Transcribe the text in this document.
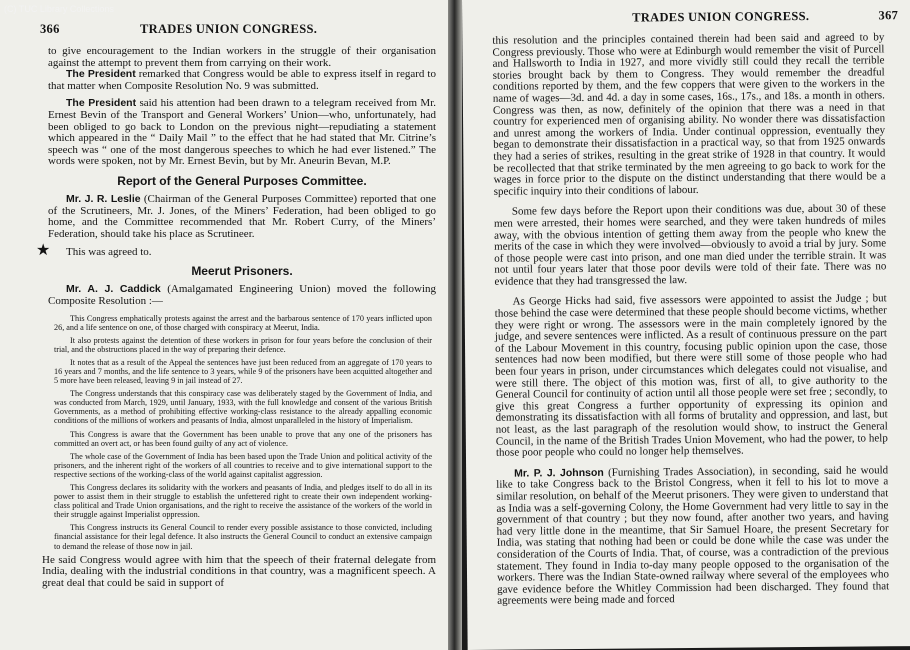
(C) TUC Library Collections
366	TRADES UNION CONGRESS.

to give encouragement to the Indian workers in the struggle of their organisation against the attempt to prevent them from carrying on their work.

The President remarked that Congress would be able to express itself in regard to that matter when Composite Resolution No. 9 was submitted.

The President said his attention had been drawn to a telegram received from Mr. Ernest Bevin of the Transport and General Workers’ Union—who, unfortunately, had been obliged to go back to London on the previous night—repudiating a statement which appeared in the “ Daily Mail ” to the effect that he had stated that Mr. Citrine’s speech was “ one of the most dangerous speeches to which he had ever listened.” The words were spoken, not by Mr. Ernest Bevin, but by Mr. Aneurin Bevan, M.P.

Report of the General Purposes Committee.

Mr. J. R. Leslie (Chairman of the General Purposes Committee) reported that one of the Scrutineers, Mr. J. Jones, of the Miners’ Federation, had been obliged to go home, and the Committee recommended that Mr. Robert Curry, of the Miners’ Federation, should take his place as Scrutineer.

★ This was agreed to.
Meerut Prisoners.

Mr. A. J. Caddick (Amalgamated Engineering Union) moved the following Composite Resolution :—

This Congress emphatically protests against the arrest and the barbarous sentence of 170 years inflicted upon 26, and a life sentence on one, of those charged with conspiracy at Meerut, India.

It also protests against the detention of these workers in prison for four years before the conclusion of their trial, and the obstructions placed in the way of preparing their defence.

It notes that as a result of the Appeal the sentences have just been reduced from an aggregate of 170 years to 16 years and 7 months, and the life sentence to 3 years, while 9 of the prisoners have been acquitted altogether and 5 more have been released, leaving 9 in jail instead of 27.

The Congress understands that this conspiracy case was deliberately staged by the Government of India, and was conducted from March, 1929, until January, 1933, with the full knowledge and consent of the various British Governments, as a method of prohibiting effective working-class resistance to the already appalling economic conditions of the millions of workers and peasants of India, almost unparalleled in the history of Imperialism.

This Congress is aware that the Government has been unable to prove that any one of the prisoners has committed an overt act, or has been found guilty of any act of violence.

The whole case of the Government of India has been based upon the Trade Union and political activity of the prisoners, and the inherent right of the workers of all countries to receive and to give international support to the respective sections of the working-class of the world against capitalist aggression.

This Congress declares its solidarity with the workers and peasants of India, and pledges itself to do all in its power to assist them in their struggle to establish the unfettered right to create their own independent working-class political and Trade Union organisations, and the right to receive the assistance of the workers of the world in their struggle against Imperialist oppression.

This Congress instructs its General Council to render every possible assistance to those convicted, including financial assistance for their legal defence. It also instructs the General Council to conduct an extensive campaign to demand the release of those now in jail.

He said Congress would agree with him that the speech of their fraternal delegate from India, dealing with the industrial conditions in that country, was a magnificent speech. A great deal that could be said in support of

TRADES UNION CONGRESS.	367

this resolution and the principles contained therein had been said and agreed to by Congress previously. Those who were at Edinburgh would remember the visit of Purcell and Hallsworth to India in 1927, and more vividly still could they recall the terrible stories brought back by them to Congress. They would remember the dreadful conditions reported by them, and the few coppers that were given to the workers in the name of wages—3d. and 4d. a day in some cases, 16s., 17s., and 18s. a month in others. Congress was then, as now, definitely of the opinion that there was a need in that country for experienced men of organising ability. No wonder there was dissatisfaction and unrest among the workers of India. Under continual oppression, eventually they began to demonstrate their dissatisfaction in a practical way, so that from 1925 onwards they had a series of strikes, resulting in the great strike of 1928 in that country. It would be recollected that that strike terminated by the men agreeing to go back to work for the wages in force prior to the dispute on the distinct understanding that there would be a specific inquiry into their conditions of labour.

Some few days before the Report upon their conditions was due, about 30 of these men were arrested, their homes were searched, and they were taken hundreds of miles away, with the obvious intention of getting them away from the people who knew the merits of the case in which they were involved—obviously to avoid a trial by jury. Some of those people were cast into prison, and one man died under the terrible strain. It was not until four years later that those poor devils were told of their fate. There was no evidence that they had transgressed the law.

As George Hicks had said, five assessors were appointed to assist the Judge ; but those behind the case were determined that these people should become victims, whether they were right or wrong. The assessors were in the main completely ignored by the judge, and severe sentences were inflicted. As a result of continuous pressure on the part of the Labour Movement in this country, focusing public opinion upon the case, those sentences had now been modified, but there were still some of those people who had been four years in prison, under circumstances which delegates could not visualise, and were still there. The object of this motion was, first of all, to give authority to the General Council for continuity of action until all those people were set free ; secondly, to give this great Congress a further opportunity of expressing its opinion and demonstrating its dissatisfaction with all forms of brutality and oppression, and last, but not least, as the last paragraph of the resolution would show, to instruct the General Council, in the name of the British Trades Union Movement, who had the power, to help those poor people who could no longer help themselves.

Mr. P. J. Johnson (Furnishing Trades Association), in seconding, said he would like to take Congress back to the Bristol Congress, when it fell to his lot to move a similar resolution, on behalf of the Meerut prisoners. They were given to understand that as India was a self-governing Colony, the Home Government had very little to say in the government of that country ; but they now found, after another two years, and having had very little done in the meantime, that Sir Samuel Hoare, the present Secretary for India, was stating that nothing had been or could be done while the case was under the consideration of the Courts of India. That, of course, was a contradiction of the previous statement. They found in India to-day many people opposed to the organisation of the workers. There was the Indian State-owned railway where several of the employees who gave evidence before the Whitley Commission had been discharged. They found that agreements were being made and forced
